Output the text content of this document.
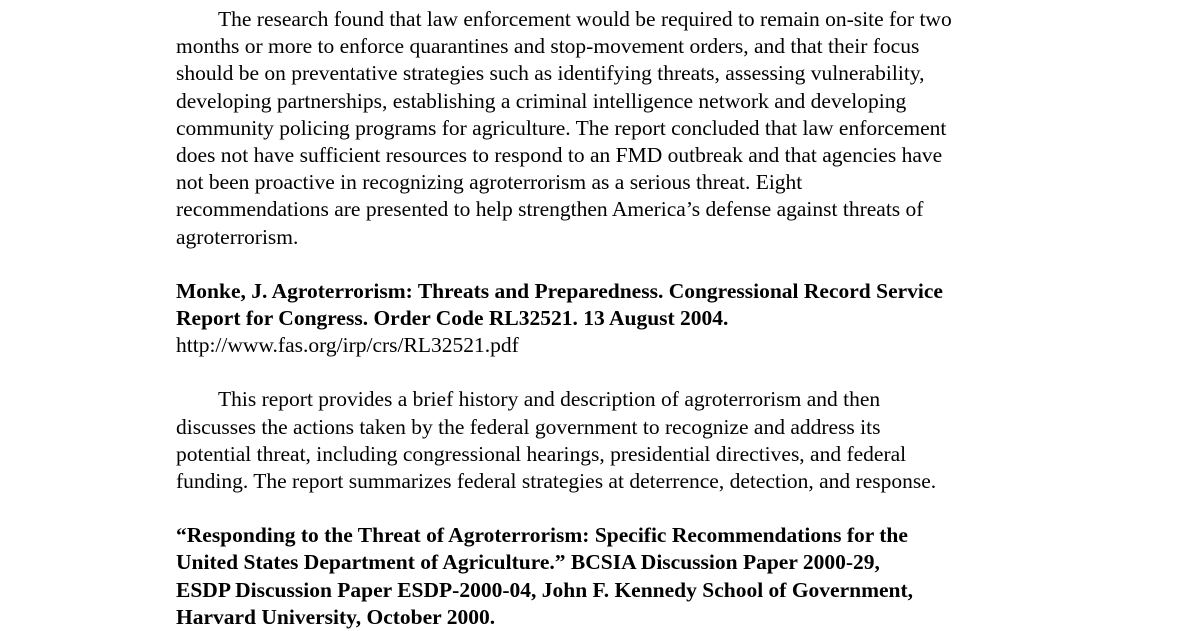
The research found that law enforcement would be required to remain on-site for two
months or more to enforce quarantines and stop-movement orders, and that their focus
should be on preventative strategies such as identifying threats, assessing vulnerability,
developing partnerships, establishing a criminal intelligence network and developing
community policing programs for agriculture. The report concluded that law enforcement
does not have sufficient resources to respond to an FMD outbreak and that agencies have
not been proactive in recognizing agroterrorism as a serious threat. Eight
recommendations are presented to help strengthen America’s defense against threats of
agroterrorism.

Monke, J. Agroterrorism: Threats and Preparedness. Congressional Record Service
Report for Congress. Order Code RL32521. 13 August 2004.

http://www.fas.org/irp/crs/RL32521.pdf

This report provides a brief history and description of agroterrorism and then
discusses the actions taken by the federal government to recognize and address its
potential threat, including congressional hearings, presidential directives, and federal
funding. The report summarizes federal strategies at deterrence, detection, and response.

“Responding to the Threat of Agroterrorism: Specific Recommendations for the
United States Department of Agriculture.” BCSIA Discussion Paper 2000-29,
ESDP Discussion Paper ESDP-2000-04, John F. Kennedy School of Government,
Harvard University, October 2000.
